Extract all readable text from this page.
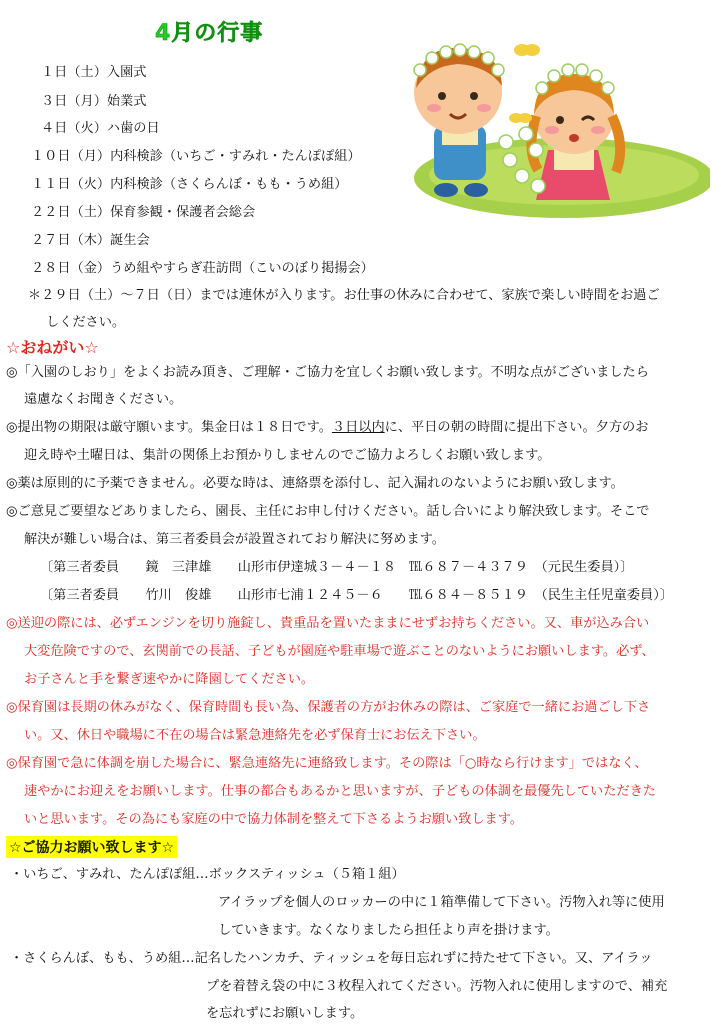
4月の行事
１日（土）入園式
３日（月）始業式
４日（火）ハ歯の日
１０日（月）内科検診（いちご・すみれ・たんぽぽ組）
１１日（火）内科検診（さくらんぼ・もも・うめ組）
２２日（土）保育参観・保護者会総会
２７日（木）誕生会
２８日（金）うめ組やすらぎ荘訪問（こいのぼり掲揚会）
＊２９日（土）～７日（日）までは連休が入ります。お仕事の休みに合わせて、家族で楽しい時間をお過ご
しください。
☆おねがい☆
◎「入園のしおり」をよくお読み頂き、ご理解・ご協力を宜しくお願い致します。不明な点がございましたら
遠慮なくお聞きください。
◎提出物の期限は厳守願います。集金日は１８日です。３日以内に、平日の朝の時間に提出下さい。夕方のお
迎え時や土曜日は、集計の関係上お預かりしませんのでご協力よろしくお願い致します。
◎薬は原則的に予薬できません。必要な時は、連絡票を添付し、記入漏れのないようにお願い致します。
◎ご意見ご要望などありましたら、園長、主任にお申し付けください。話し合いにより解決致します。そこで
解決が難しい場合は、第三者委員会が設置されており解決に努めます。
〔第三者委員　　鏡　三津雄　　山形市伊達城３－４－１８　℡６８７－４３７９　（元民生委員）〕
〔第三者委員　　竹川　俊雄　　山形市七浦１２４５－６　　℡６８４－８５１９　（民生主任児童委員）〕
◎送迎の際には、必ずエンジンを切り施錠し、貴重品を置いたままにせずお持ちください。又、車が込み合い
大変危険ですので、玄関前での長話、子どもが園庭や駐車場で遊ぶことのないようにお願いします。必ず、
お子さんと手を繋ぎ速やかに降園してください。
◎保育園は長期の休みがなく、保育時間も長い為、保護者の方がお休みの際は、ご家庭で一緒にお過ごし下さ
い。又、休日や職場に不在の場合は緊急連絡先を必ず保育士にお伝え下さい。
◎保育園で急に体調を崩した場合に、緊急連絡先に連絡致します。その際は「○時なら行けます」ではなく、
速やかにお迎えをお願いします。仕事の都合もあるかと思いますが、子どもの体調を最優先していただきた
いと思います。その為にも家庭の中で協力体制を整えて下さるようお願い致します。
☆ご協力お願い致します☆
・いちご、すみれ、たんぽぽ組…ボックスティッシュ（５箱１組）
アイラップを個人のロッカーの中に１箱準備して下さい。汚物入れ等に使用
していきます。なくなりましたら担任より声を掛けます。
・さくらんぼ、もも、うめ組…記名したハンカチ、ティッシュを毎日忘れずに持たせて下さい。又、アイラッ
プを着替え袋の中に３枚程入れてください。汚物入れに使用しますので、補充
を忘れずにお願いします。
